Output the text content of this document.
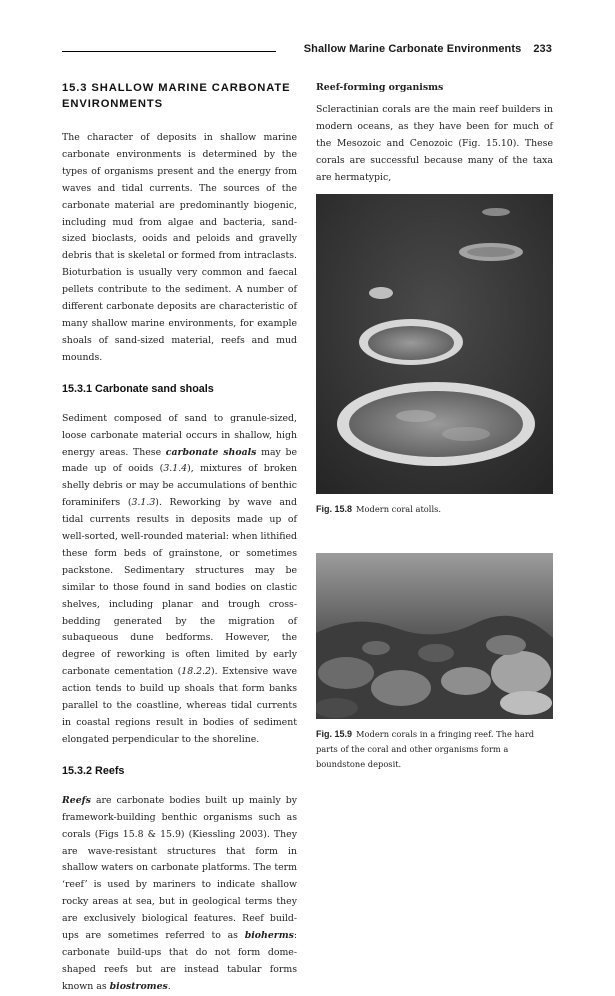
Shallow Marine Carbonate Environments 233
15.3 SHALLOW MARINE CARBONATE ENVIRONMENTS

The character of deposits in shallow marine carbonate environments is determined by the types of organisms present and the energy from waves and tidal currents. The sources of the carbonate material are predominantly biogenic, including mud from algae and bacteria, sand-sized bioclasts, ooids and peloids and gravelly debris that is skeletal or formed from intraclasts. Bioturbation is usually very common and faecal pellets contribute to the sediment. A number of different carbonate deposits are characteristic of many shallow marine environments, for example shoals of sand-sized material, reefs and mud mounds.

15.3.1 Carbonate sand shoals

Sediment composed of sand to granule-sized, loose carbonate material occurs in shallow, high energy areas. These carbonate shoals may be made up of ooids (3.1.4), mixtures of broken shelly debris or may be accumulations of benthic foraminifers (3.1.3). Reworking by wave and tidal currents results in deposits made up of well-sorted, well-rounded material: when lithified these form beds of grainstone, or sometimes packstone. Sedimentary structures may be similar to those found in sand bodies on clastic shelves, including planar and trough cross-bedding generated by the migration of subaqueous dune bedforms. However, the degree of reworking is often limited by early carbonate cementation (18.2.2). Extensive wave action tends to build up shoals that form banks parallel to the coastline, whereas tidal currents in coastal regions result in bodies of sediment elongated perpendicular to the shoreline.

15.3.2 Reefs

Reefs are carbonate bodies built up mainly by framework-building benthic organisms such as corals (Figs 15.8 & 15.9) (Kiessling 2003). They are wave-resistant structures that form in shallow waters on carbonate platforms. The term ‘reef’ is used by mariners to indicate shallow rocky areas at sea, but in geological terms they are exclusively biological features. Reef build-ups are sometimes referred to as bioherms: carbonate build-ups that do not form dome-shaped reefs but are instead tabular forms known as biostromes.

Reef-forming organisms

Scleractinian corals are the main reef builders in modern oceans, as they have been for much of the Mesozoic and Cenozoic (Fig. 15.10). These corals are successful because many of the taxa are hermatypic,

Fig. 15.8 Modern coral atolls.
Fig. 15.9 Modern corals in a fringing reef. The hard parts of the coral and other organisms form a boundstone deposit.
